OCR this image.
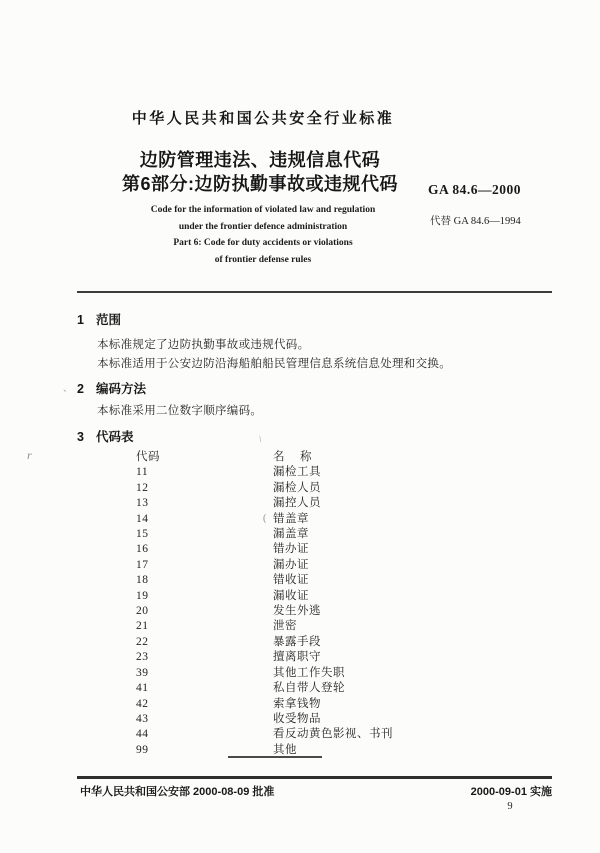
中华人民共和国公共安全行业标准
边防管理违法、违规信息代码
第6部分:边防执勤事故或违规代码	GA 84.6—2000
Code for the information of violated law and regulation
under the frontier defence administration
Part 6: Code for duty accidents or violations
of frontier defense rules
代替 GA 84.6—1994
1 范围
本标准规定了边防执勤事故或违规代码。
本标准适用于公安边防沿海船舶船民管理信息系统信息处理和交换。
2 编码方法
本标准采用二位数字顺序编码。
3 代码表
代码	名　称
11	漏检工具
12	漏检人员
13	漏控人员
14	错盖章
15	漏盖章
16	错办证
17	漏办证
18	错收证
19	漏收证
20	发生外逃
21	泄密
22	暴露手段
23	擅离职守
39	其他工作失职
41	私自带人登轮
42	索拿钱物
43	收受物品
44	看反动黄色影视、书刊
99	其他
中华人民共和国公安部 2000-08-09 批准	2000-09-01 实施
9
、
r
(
\
